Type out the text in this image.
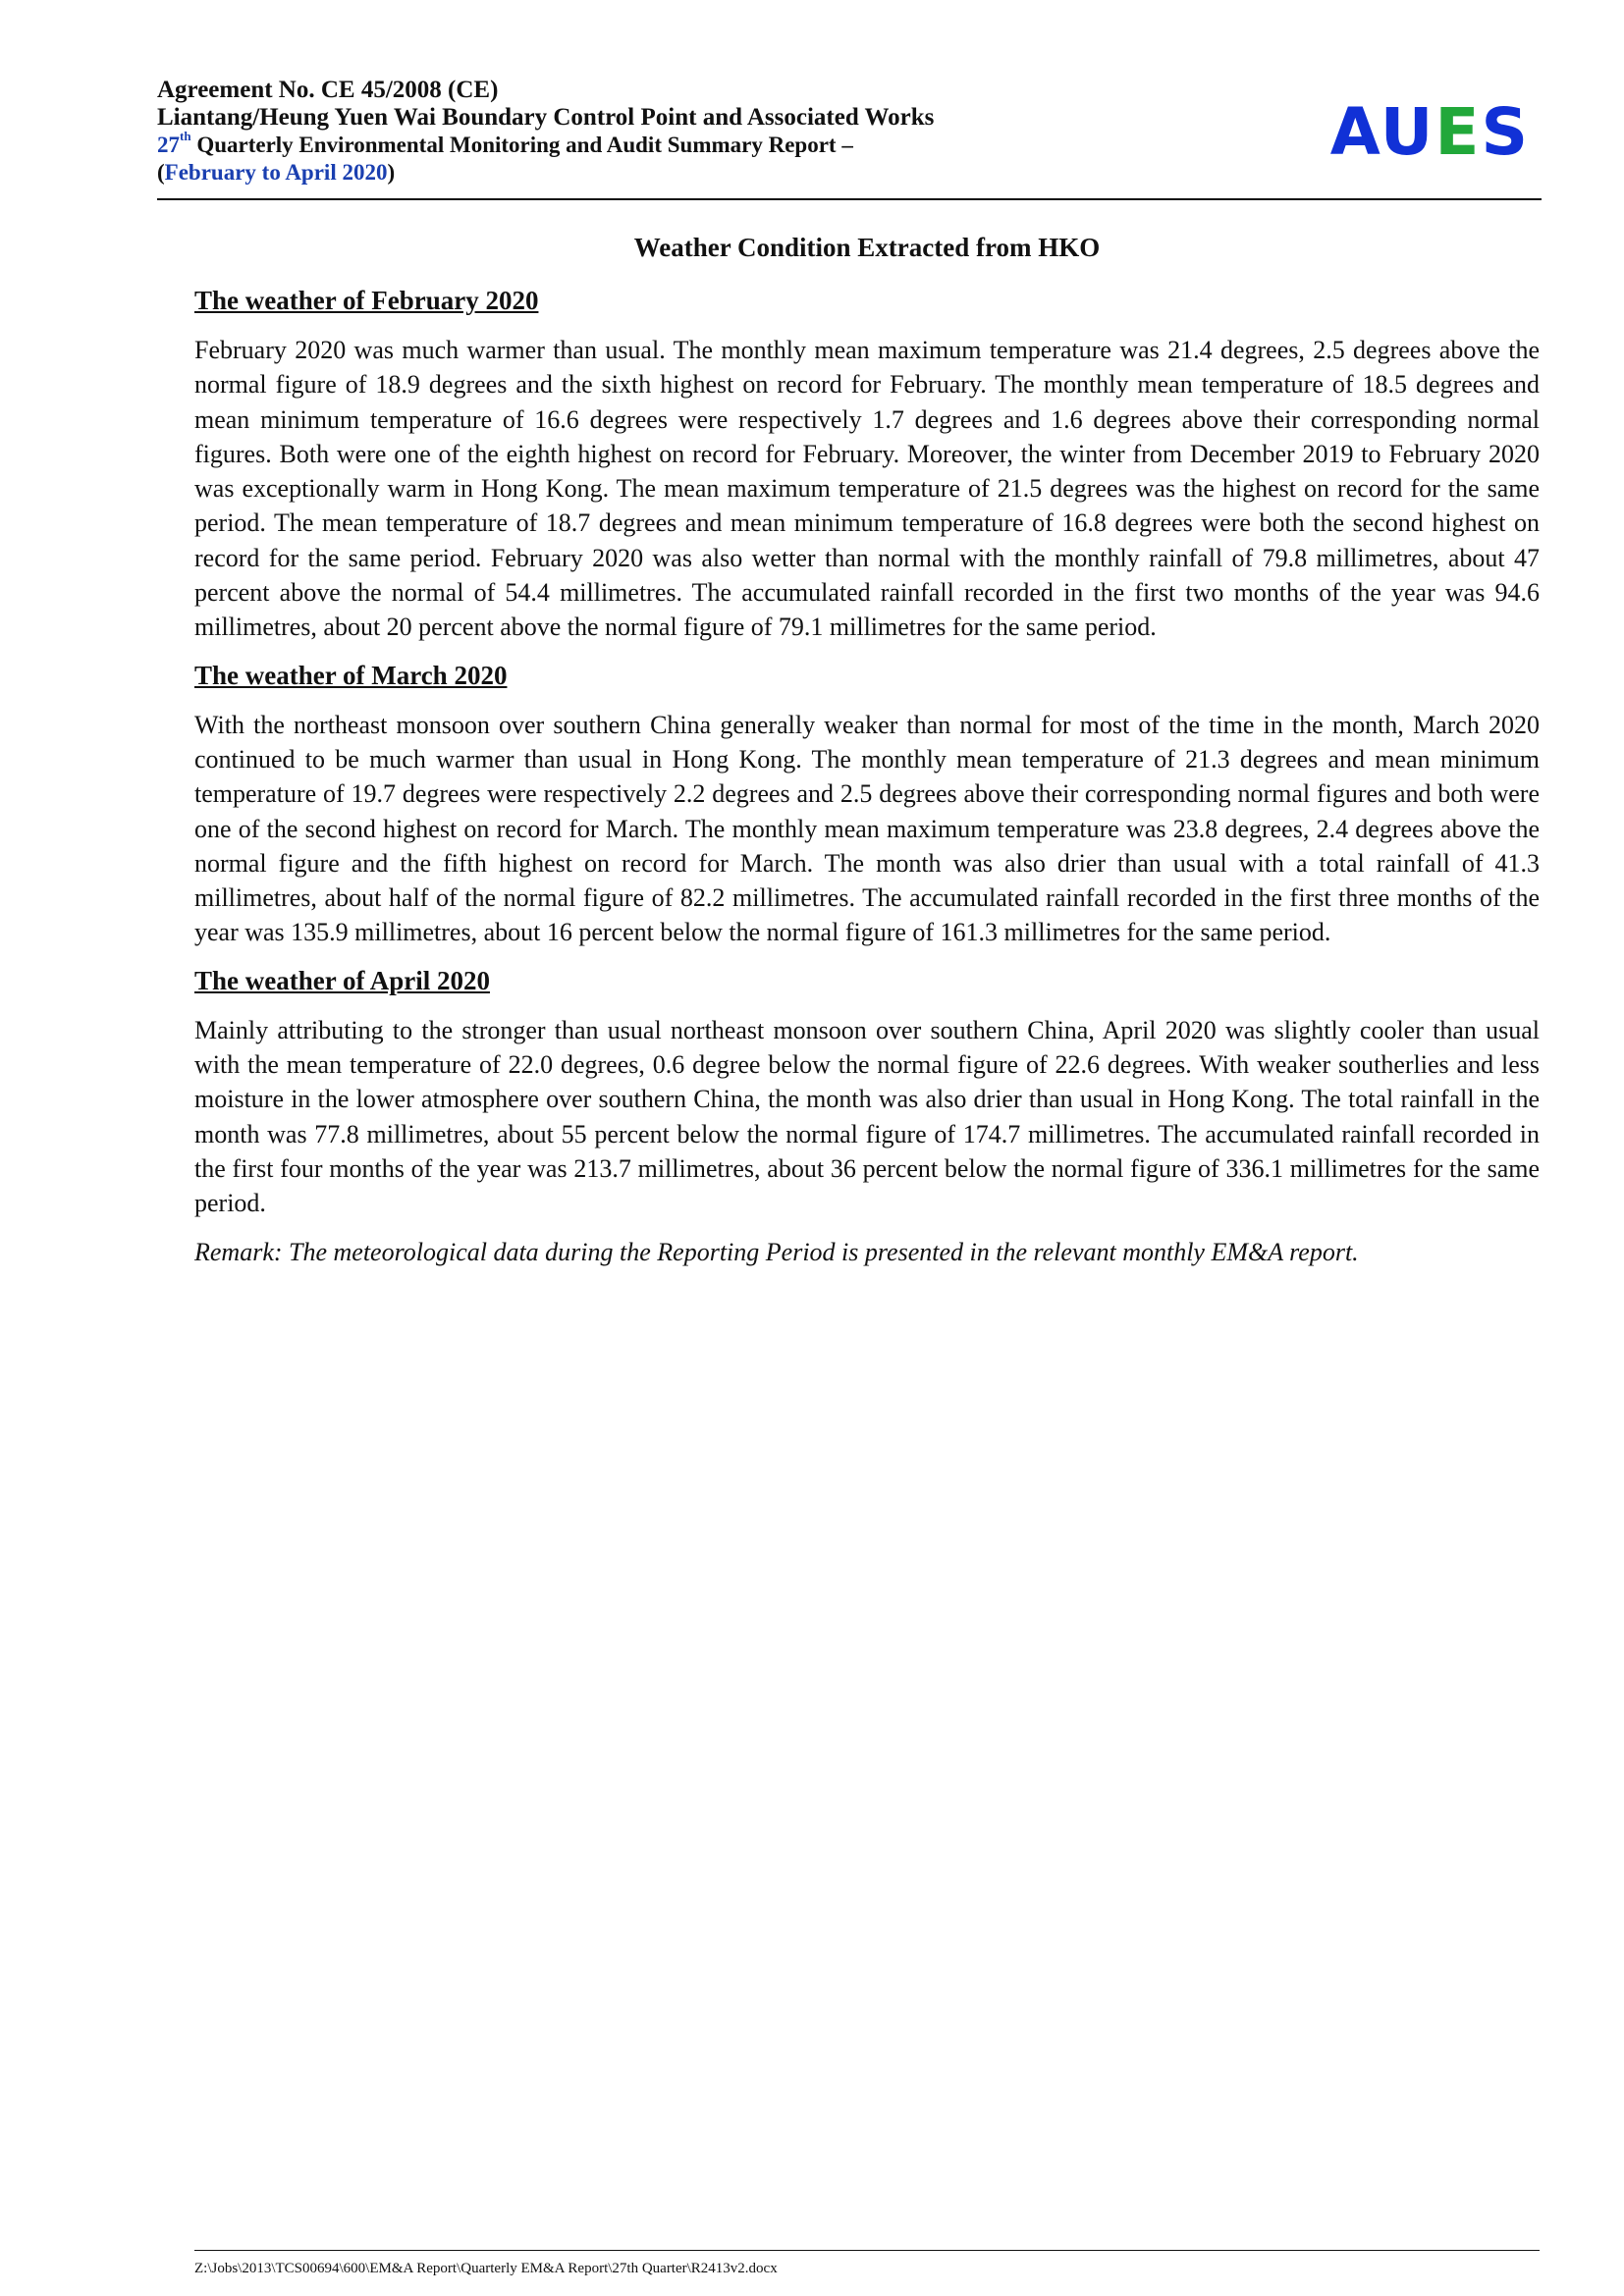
Agreement No. CE 45/2008 (CE)
Liantang/Heung Yuen Wai Boundary Control Point and Associated Works
27th Quarterly Environmental Monitoring and Audit Summary Report –
(February to April 2020)
AUES
Weather Condition Extracted from HKO
The weather of February 2020

February 2020 was much warmer than usual. The monthly mean maximum temperature was 21.4 degrees, 2.5 degrees above the normal figure of 18.9 degrees and the sixth highest on record for February. The monthly mean temperature of 18.5 degrees and mean minimum temperature of 16.6 degrees were respectively 1.7 degrees and 1.6 degrees above their corresponding normal figures. Both were one of the eighth highest on record for February. Moreover, the winter from December 2019 to February 2020 was exceptionally warm in Hong Kong. The mean maximum temperature of 21.5 degrees was the highest on record for the same period. The mean temperature of 18.7 degrees and mean minimum temperature of 16.8 degrees were both the second highest on record for the same period. February 2020 was also wetter than normal with the monthly rainfall of 79.8 millimetres, about 47 percent above the normal of 54.4 millimetres. The accumulated rainfall recorded in the first two months of the year was 94.6 millimetres, about 20 percent above the normal figure of 79.1 millimetres for the same period.

The weather of March 2020

With the northeast monsoon over southern China generally weaker than normal for most of the time in the month, March 2020 continued to be much warmer than usual in Hong Kong. The monthly mean temperature of 21.3 degrees and mean minimum temperature of 19.7 degrees were respectively 2.2 degrees and 2.5 degrees above their corresponding normal figures and both were one of the second highest on record for March. The monthly mean maximum temperature was 23.8 degrees, 2.4 degrees above the normal figure and the fifth highest on record for March. The month was also drier than usual with a total rainfall of 41.3 millimetres, about half of the normal figure of 82.2 millimetres. The accumulated rainfall recorded in the first three months of the year was 135.9 millimetres, about 16 percent below the normal figure of 161.3 millimetres for the same period.

The weather of April 2020

Mainly attributing to the stronger than usual northeast monsoon over southern China, April 2020 was slightly cooler than usual with the mean temperature of 22.0 degrees, 0.6 degree below the normal figure of 22.6 degrees. With weaker southerlies and less moisture in the lower atmosphere over southern China, the month was also drier than usual in Hong Kong. The total rainfall in the month was 77.8 millimetres, about 55 percent below the normal figure of 174.7 millimetres. The accumulated rainfall recorded in the first four months of the year was 213.7 millimetres, about 36 percent below the normal figure of 336.1 millimetres for the same period.

Remark: The meteorological data during the Reporting Period is presented in the relevant monthly EM&A report.

Z:\Jobs\2013\TCS00694\600\EM&A Report\Quarterly EM&A Report\27th Quarter\R2413v2.docx
